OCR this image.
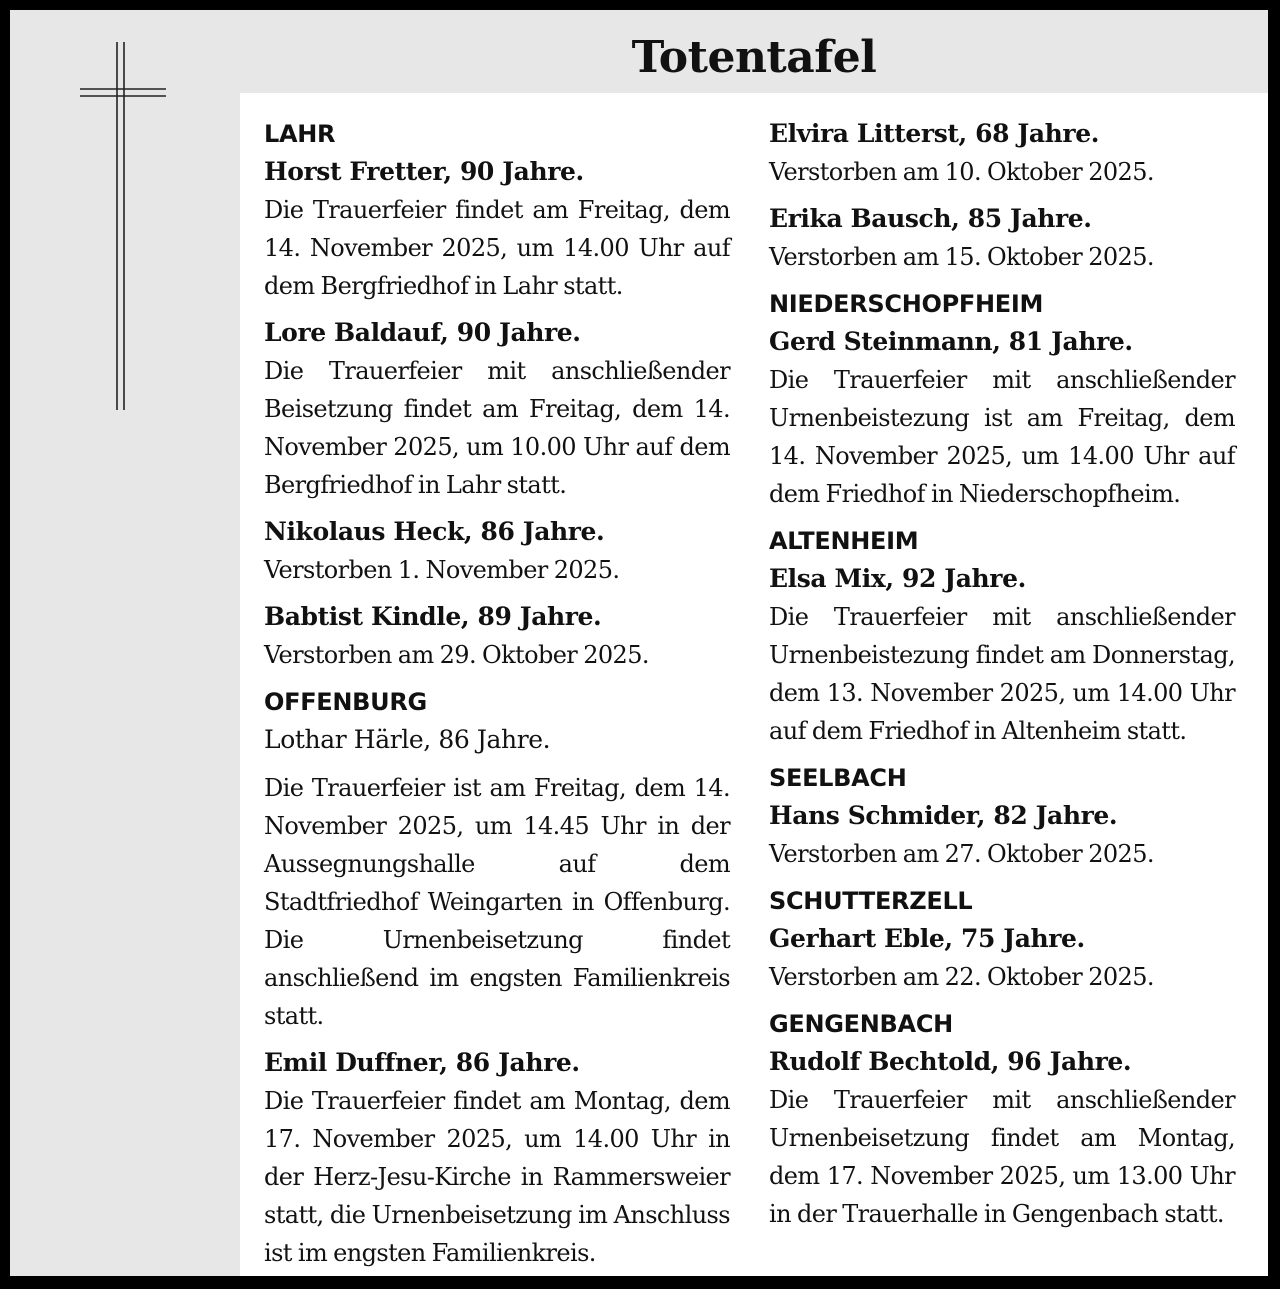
Totentafel
LAHR
Horst Fretter, 90 Jahre.
Die Trauerfeier findet am Freitag, dem 14. November 2025, um 14.00 Uhr auf dem Bergfriedhof in Lahr statt.
Lore Baldauf, 90 Jahre.
Die Trauerfeier mit anschließender Beisetzung findet am Freitag, dem 14. November 2025, um 10.00 Uhr auf dem Bergfriedhof in Lahr statt.
Nikolaus Heck, 86 Jahre.
Verstorben 1. November 2025.
Babtist Kindle, 89 Jahre.
Verstorben am 29. Oktober 2025.
OFFENBURG
Lothar Härle, 86 Jahre.
Die Trauerfeier ist am Freitag, dem 14. November 2025, um 14.45 Uhr in der Aussegnungshalle auf dem Stadtfriedhof Weingarten in Offenburg. Die Urnenbeisetzung findet anschließend im engsten Familienkreis statt.
Emil Duffner, 86 Jahre.
Die Trauerfeier findet am Montag, dem 17. November 2025, um 14.00 Uhr in der Herz-Jesu-Kirche in Rammersweier statt, die Urnenbeisetzung im Anschluss ist im engsten Familienkreis.
Elvira Litterst, 68 Jahre.
Verstorben am 10. Oktober 2025.
Erika Bausch, 85 Jahre.
Verstorben am 15. Oktober 2025.
NIEDERSCHOPFHEIM
Gerd Steinmann, 81 Jahre.
Die Trauerfeier mit anschließender Urnenbeistezung ist am Freitag, dem 14. November 2025, um 14.00 Uhr auf dem Friedhof in Niederschopfheim.
ALTENHEIM
Elsa Mix, 92 Jahre.
Die Trauerfeier mit anschließender Urnenbeistezung findet am Donnerstag, dem 13. November 2025, um 14.00 Uhr auf dem Friedhof in Altenheim statt.
SEELBACH
Hans Schmider, 82 Jahre.
Verstorben am 27. Oktober 2025.
SCHUTTERZELL
Gerhart Eble, 75 Jahre.
Verstorben am 22. Oktober 2025.
GENGENBACH
Rudolf Bechtold, 96 Jahre.
Die Trauerfeier mit anschließender Urnenbeisetzung findet am Montag, dem 17. November 2025, um 13.00 Uhr in der Trauerhalle in Gengenbach statt.
